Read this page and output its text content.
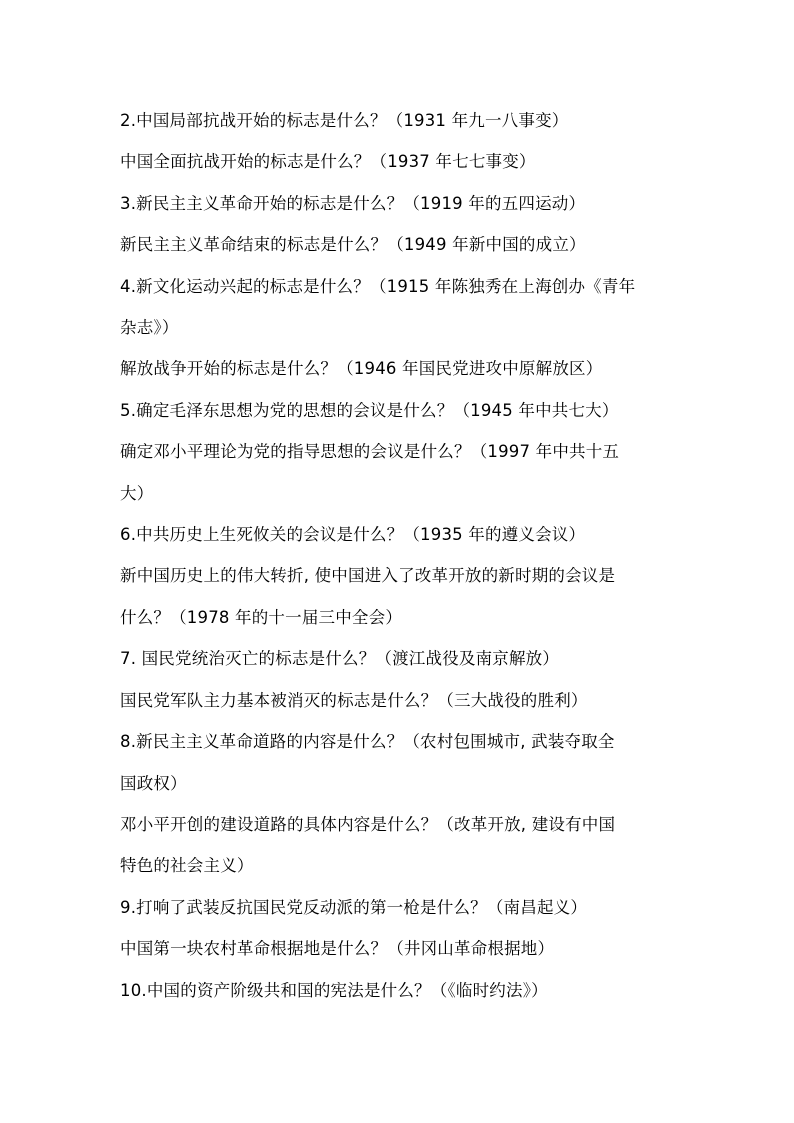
2.中国局部抗战开始的标志是什么？（1931 年九一八事变）

中国全面抗战开始的标志是什么？（1937 年七七事变）

3.新民主主义革命开始的标志是什么？（1919 年的五四运动）

新民主主义革命结束的标志是什么？（1949 年新中国的成立）

4.新文化运动兴起的标志是什么？（1915 年陈独秀在上海创办《青年

杂志》）

解放战争开始的标志是什么？（1946 年国民党进攻中原解放区）

5.确定毛泽东思想为党的思想的会议是什么？（1945 年中共七大）

确定邓小平理论为党的指导思想的会议是什么？（1997 年中共十五

大）

6.中共历史上生死攸关的会议是什么？（1935 年的遵义会议）

新中国历史上的伟大转折, 使中国进入了改革开放的新时期的会议是

什么？（1978 年的十一届三中全会）

7. 国民党统治灭亡的标志是什么？（渡江战役及南京解放）

国民党军队主力基本被消灭的标志是什么？（三大战役的胜利）

8.新民主主义革命道路的内容是什么？（农村包围城市, 武装夺取全

国政权）

邓小平开创的建设道路的具体内容是什么？（改革开放, 建设有中国

特色的社会主义）

9.打响了武装反抗国民党反动派的第一枪是什么？（南昌起义）

中国第一块农村革命根据地是什么？（井冈山革命根据地）

10.中国的资产阶级共和国的宪法是什么？（《临时约法》）
